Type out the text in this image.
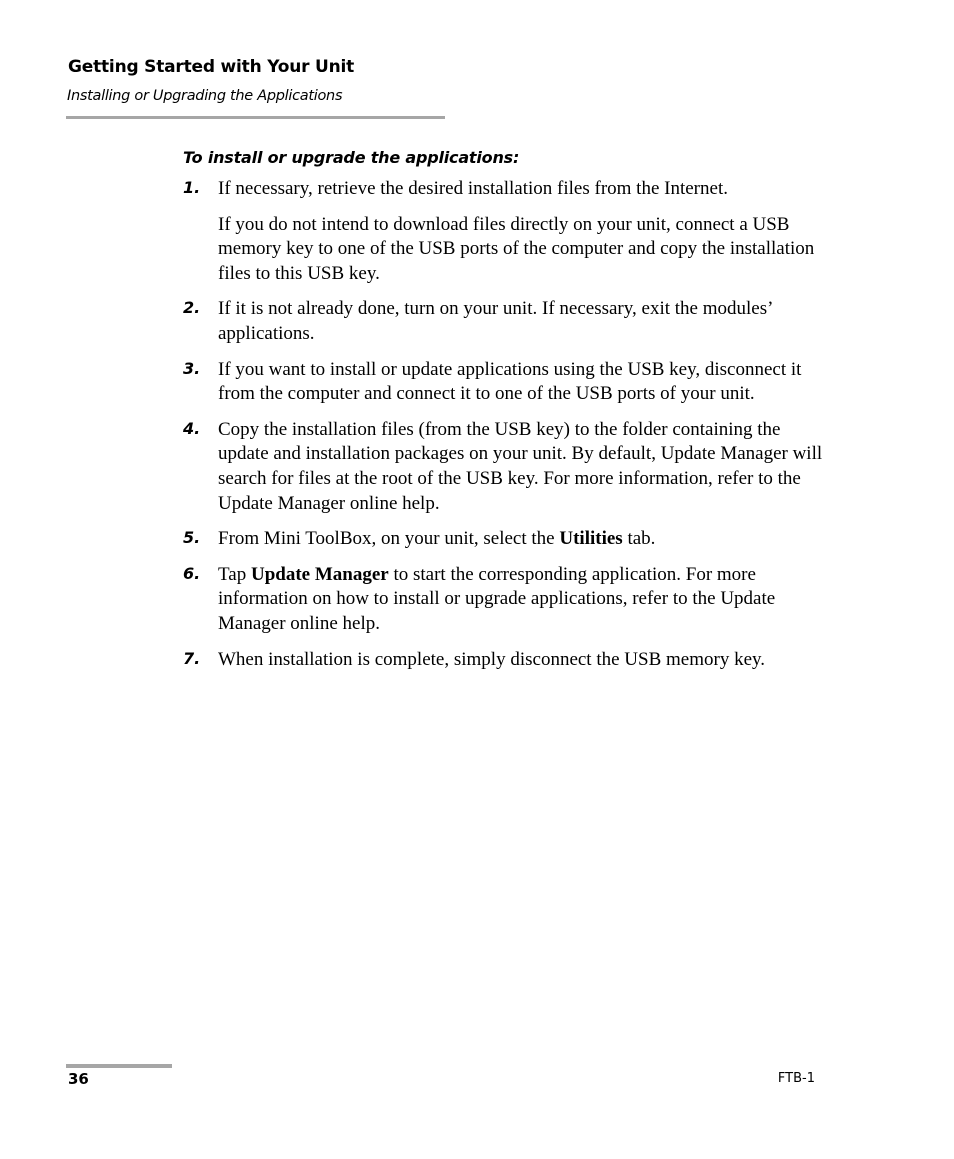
Getting Started with Your Unit
Installing or Upgrading the Applications
To install or upgrade the applications:
1. If necessary, retrieve the desired installation files from the Internet.

If you do not intend to download files directly on your unit, connect a USB memory key to one of the USB ports of the computer and copy the installation files to this USB key.

2. If it is not already done, turn on your unit. If necessary, exit the modules’ applications.

3. If you want to install or update applications using the USB key, disconnect it from the computer and connect it to one of the USB ports of your unit.

4. Copy the installation files (from the USB key) to the folder containing the update and installation packages on your unit. By default, Update Manager will search for files at the root of the USB key. For more information, refer to the Update Manager online help.

5. From Mini ToolBox, on your unit, select the Utilities tab.

6. Tap Update Manager to start the corresponding application. For more information on how to install or upgrade applications, refer to the Update Manager online help.

7. When installation is complete, simply disconnect the USB memory key.

36	FTB-1
